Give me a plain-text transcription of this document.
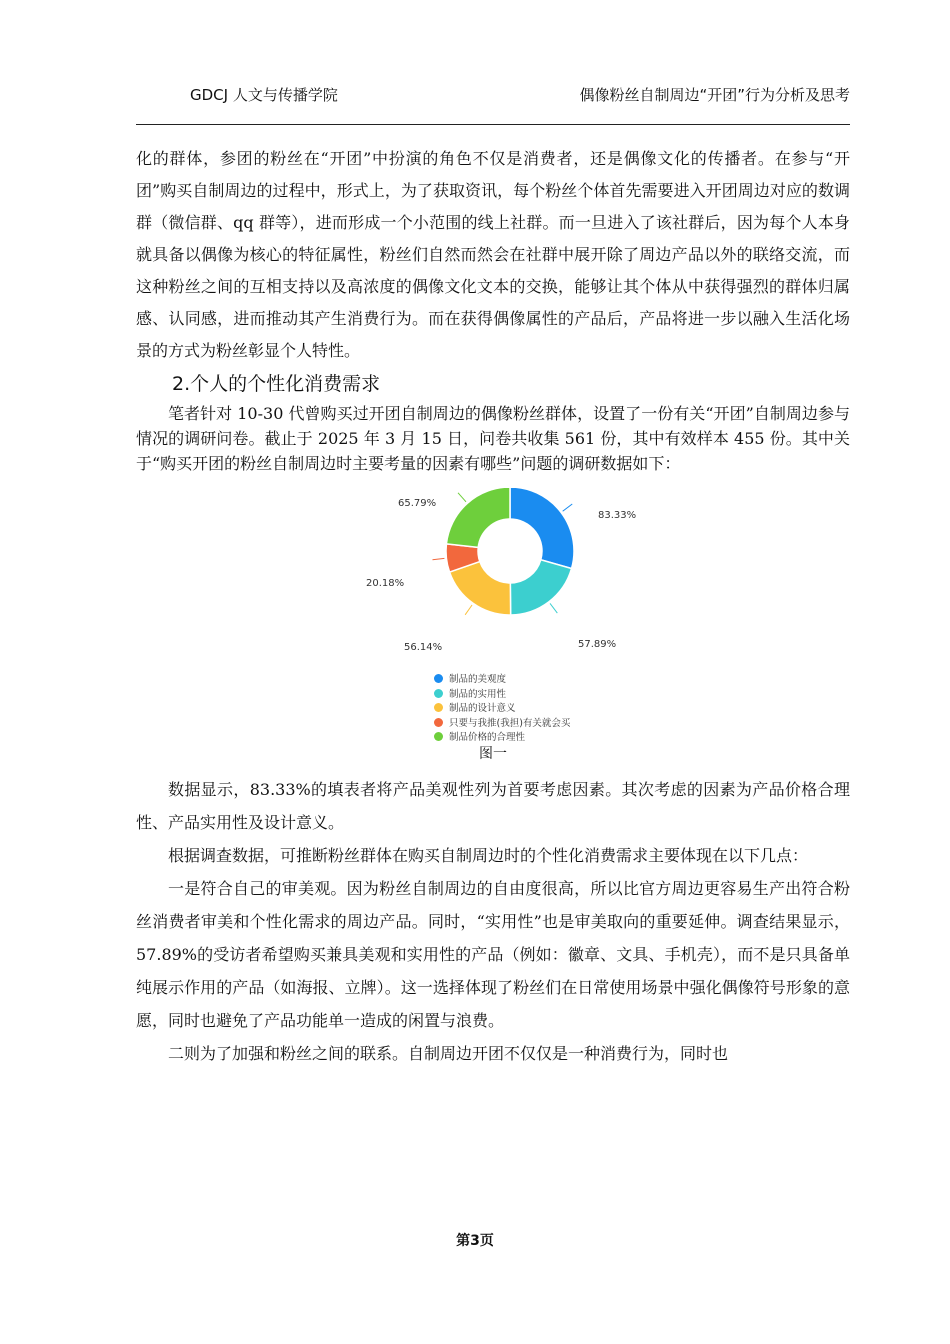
GDCJ 人文与传播学院	偶像粉丝自制周边“开团”行为分析及思考

化的群体，参团的粉丝在“开团”中扮演的角色不仅是消费者，还是偶像文化的传播者。在参与“开团”购买自制周边的过程中，形式上，为了获取资讯，每个粉丝个体首先需要进入开团周边对应的数调群（微信群、qq 群等），进而形成一个小范围的线上社群。而一旦进入了该社群后，因为每个人本身就具备以偶像为核心的特征属性，粉丝们自然而然会在社群中展开除了周边产品以外的联络交流，而这种粉丝之间的互相支持以及高浓度的偶像文化文本的交换，能够让其个体从中获得强烈的群体归属感、认同感，进而推动其产生消费行为。而在获得偶像属性的产品后，产品将进一步以融入生活化场景的方式为粉丝彰显个人特性。

2.个人的个性化消费需求

笔者针对 10-30 代曾购买过开团自制周边的偶像粉丝群体，设置了一份有关“开团”自制周边参与情况的调研问卷。截止于 2025 年 3 月 15 日，问卷共收集 561 份，其中有效样本 455 份。其中关于“购买开团的粉丝自制周边时主要考量的因素有哪些”问题的调研数据如下：

83.33%
57.89%
56.14%
20.18%
65.79%
制品的美观度
制品的实用性
制品的设计意义
只要与我推(我担)有关就会买
制品价格的合理性
图一

数据显示，83.33%的填表者将产品美观性列为首要考虑因素。其次考虑的因素为产品价格合理性、产品实用性及设计意义。

根据调查数据，可推断粉丝群体在购买自制周边时的个性化消费需求主要体现在以下几点：

一是符合自己的审美观。因为粉丝自制周边的自由度很高，所以比官方周边更容易生产出符合粉丝消费者审美和个性化需求的周边产品。同时，“实用性”也是审美取向的重要延伸。调查结果显示，57.89%的受访者希望购买兼具美观和实用性的产品（例如：徽章、文具、手机壳），而不是只具备单纯展示作用的产品（如海报、立牌）。这一选择体现了粉丝们在日常使用场景中强化偶像符号形象的意愿，同时也避免了产品功能单一造成的闲置与浪费。

二则为了加强和粉丝之间的联系。自制周边开团不仅仅是一种消费行为，同时也

第3页
